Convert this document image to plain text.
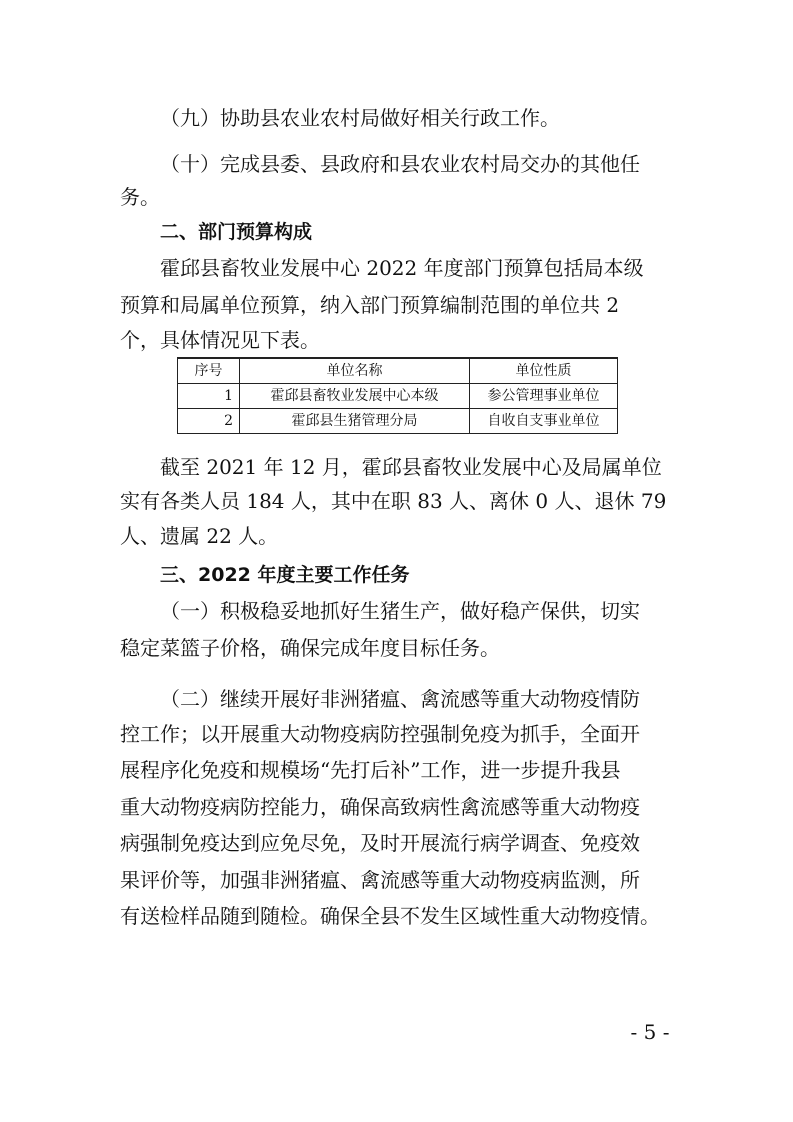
（九）协助县农业农村局做好相关行政工作。
（十）完成县委、县政府和县农业农村局交办的其他任
务。
二、部门预算构成
霍邱县畜牧业发展中心 2022 年度部门预算包括局本级
预算和局属单位预算，纳入部门预算编制范围的单位共 2
个，具体情况见下表。
序号	单位名称	单位性质
1	霍邱县畜牧业发展中心本级	参公管理事业单位
2	霍邱县生猪管理分局	自收自支事业单位
截至 2021 年 12 月，霍邱县畜牧业发展中心及局属单位
实有各类人员 184 人，其中在职 83 人、离休 0 人、退休 79
人、遗属 22 人。
三、2022 年度主要工作任务
（一）积极稳妥地抓好生猪生产，做好稳产保供，切实
稳定菜篮子价格，确保完成年度目标任务。
（二）继续开展好非洲猪瘟、禽流感等重大动物疫情防
控工作；以开展重大动物疫病防控强制免疫为抓手，全面开
展程序化免疫和规模场“先打后补”工作，进一步提升我县
重大动物疫病防控能力，确保高致病性禽流感等重大动物疫
病强制免疫达到应免尽免，及时开展流行病学调查、免疫效
果评价等，加强非洲猪瘟、禽流感等重大动物疫病监测，所
有送检样品随到随检。确保全县不发生区域性重大动物疫情。
- 5 -
